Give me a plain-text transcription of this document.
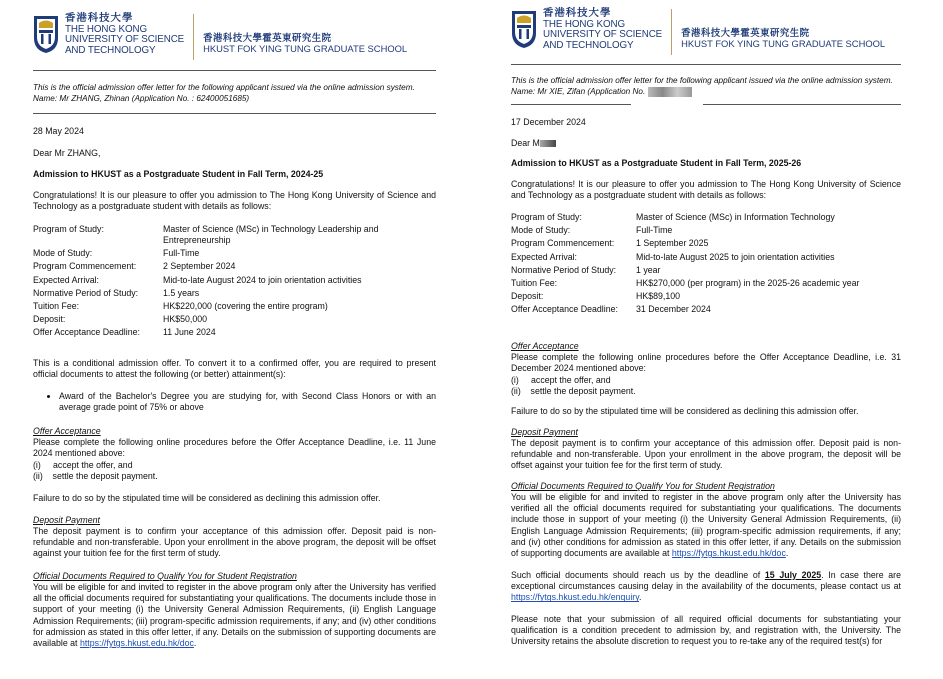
香港科技大學
THE HONG KONG
UNIVERSITY OF SCIENCE
AND TECHNOLOGY
香港科技大學霍英東研究生院
HKUST FOK YING TUNG GRADUATE SCHOOL
This is the official admission offer letter for the following applicant issued via the online admission system.
Name: Mr ZHANG, Zhinan (Application No. : 62400051685)
28 May 2024
Dear Mr ZHANG,
Admission to HKUST as a Postgraduate Student in Fall Term, 2024-25
Congratulations! It is our pleasure to offer you admission to The Hong Kong University of Science and Technology as a postgraduate student with details as follows:
Program of Study:	Master of Science (MSc) in Technology Leadership and Entrepreneurship
Mode of Study:	Full-Time
Program Commencement:	2 September 2024
Expected Arrival:	Mid-to-late August 2024 to join orientation activities
Normative Period of Study:	1.5 years
Tuition Fee:	HK$220,000 (covering the entire program)
Deposit:	HK$50,000
Offer Acceptance Deadline:	11 June 2024
This is a conditional admission offer. To convert it to a confirmed offer, you are required to present official documents to attest the following (or better) attainment(s):
• Award of the Bachelor's Degree you are studying for, with Second Class Honors or with an average grade point of 75% or above
Offer Acceptance
Please complete the following online procedures before the Offer Acceptance Deadline, i.e. 11 June 2024 mentioned above:
(i)     accept the offer, and
(ii)    settle the deposit payment.
Failure to do so by the stipulated time will be considered as declining this admission offer.
Deposit Payment
The deposit payment is to confirm your acceptance of this admission offer. Deposit paid is non-refundable and non-transferable. Upon your enrollment in the above program, the deposit will be offset against your tuition fee for the first term of study.
Official Documents Required to Qualify You for Student Registration
You will be eligible for and invited to register in the above program only after the University has verified all the official documents required for substantiating your qualifications. The documents include those in support of your meeting (i) the University General Admission Requirements, (ii) English Language Admission Requirements; (iii) program-specific admission requirements, if any; and (iv) other conditions for admission as stated in this offer letter, if any. Details on the submission of supporting documents are available at https://fytgs.hkust.edu.hk/doc.
香港科技大學
THE HONG KONG
UNIVERSITY OF SCIENCE
AND TECHNOLOGY
香港科技大學霍英東研究生院
HKUST FOK YING TUNG GRADUATE SCHOOL
This is the official admission offer letter for the following applicant issued via the online admission system.
Name: Mr XIE, Zifan (Application No.
17 December 2024
Dear M
Admission to HKUST as a Postgraduate Student in Fall Term, 2025-26
Congratulations! It is our pleasure to offer you admission to The Hong Kong University of Science and Technology as a postgraduate student with details as follows:
Program of Study:	Master of Science (MSc) in Information Technology
Mode of Study:	Full-Time
Program Commencement:	1 September 2025
Expected Arrival:	Mid-to-late August 2025 to join orientation activities
Normative Period of Study:	1 year
Tuition Fee:	HK$270,000 (per program) in the 2025-26 academic year
Deposit:	HK$89,100
Offer Acceptance Deadline:	31 December 2024
Offer Acceptance
Please complete the following online procedures before the Offer Acceptance Deadline, i.e. 31 December 2024 mentioned above:
(i)     accept the offer, and
(ii)    settle the deposit payment.
Failure to do so by the stipulated time will be considered as declining this admission offer.
Deposit Payment
The deposit payment is to confirm your acceptance of this admission offer. Deposit paid is non-refundable and non-transferable. Upon your enrollment in the above program, the deposit will be offset against your tuition fee for the first term of study.
Official Documents Required to Qualify You for Student Registration
You will be eligible for and invited to register in the above program only after the University has verified all the official documents required for substantiating your qualifications. The documents include those in support of your meeting (i) the University General Admission Requirements, (ii) English Language Admission Requirements; (iii) program-specific admission requirements, if any; and (iv) other conditions for admission as stated in this offer letter, if any. Details on the submission of supporting documents are available at https://fytgs.hkust.edu.hk/doc.
Such official documents should reach us by the deadline of 15 July 2025. In case there are exceptional circumstances causing delay in the availability of the documents, please contact us at https://fytgs.hkust.edu.hk/enquiry.
Please note that your submission of all required official documents for substantiating your qualification is a condition precedent to admission by, and registration with, the University. The University retains the absolute discretion to request you to re-take any of the required test(s) for
